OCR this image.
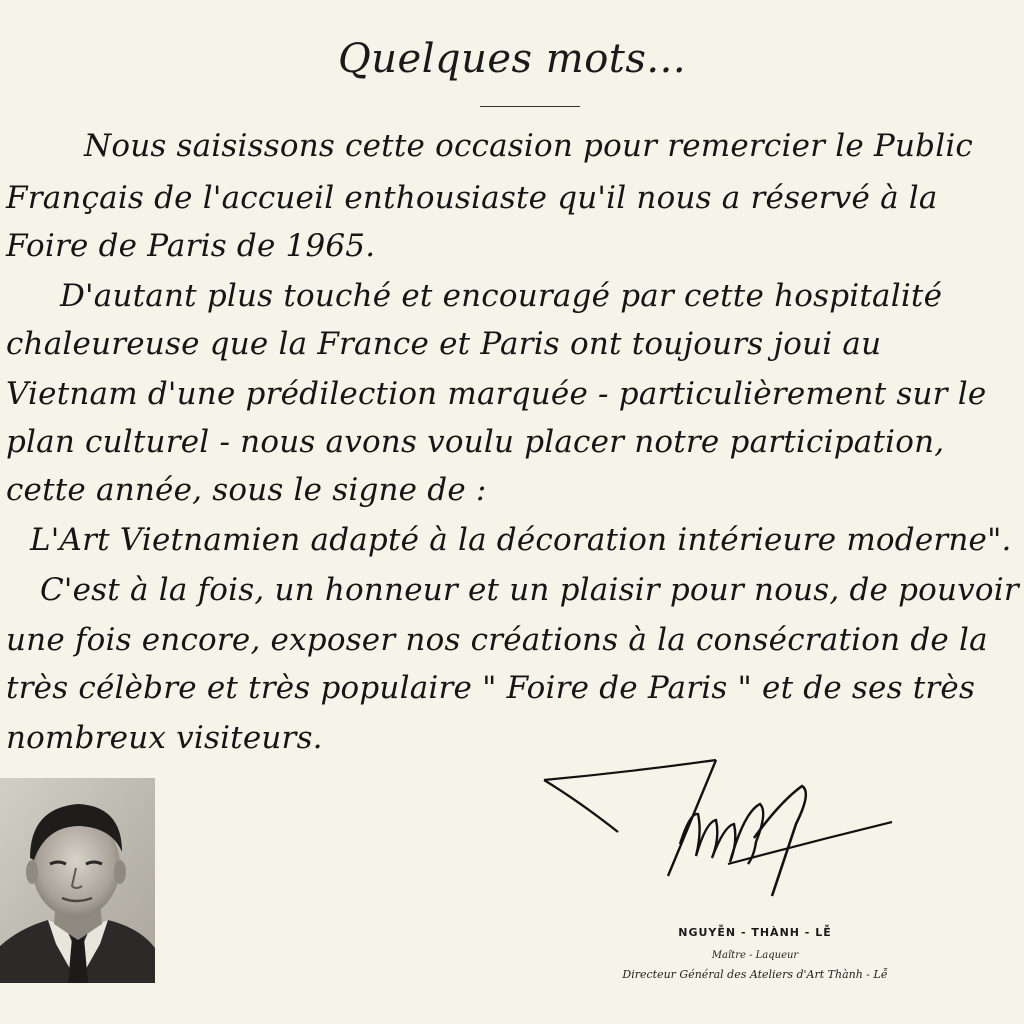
Quelques mots...
Nous saisissons cette occasion pour remercier le Public
Français de l'accueil enthousiaste qu'il nous a réservé à la
Foire de Paris de 1965.
D'autant plus touché et encouragé par cette hospitalité
chaleureuse que la France et Paris ont toujours joui au
Vietnam d'une prédilection marquée - particulièrement sur le
plan culturel - nous avons voulu placer notre participation,
cette année, sous le signe de :
L'Art Vietnamien adapté à la décoration intérieure moderne".
C'est à la fois, un honneur et un plaisir pour nous, de pouvoir
une fois encore, exposer nos créations à la consécration de la
très célèbre et très populaire " Foire de Paris " et de ses très
nombreux visiteurs.
NGUYỄN - THÀNH - LỄ
Maître - Laqueur
Directeur Général des Ateliers d'Art Thành - Lễ
